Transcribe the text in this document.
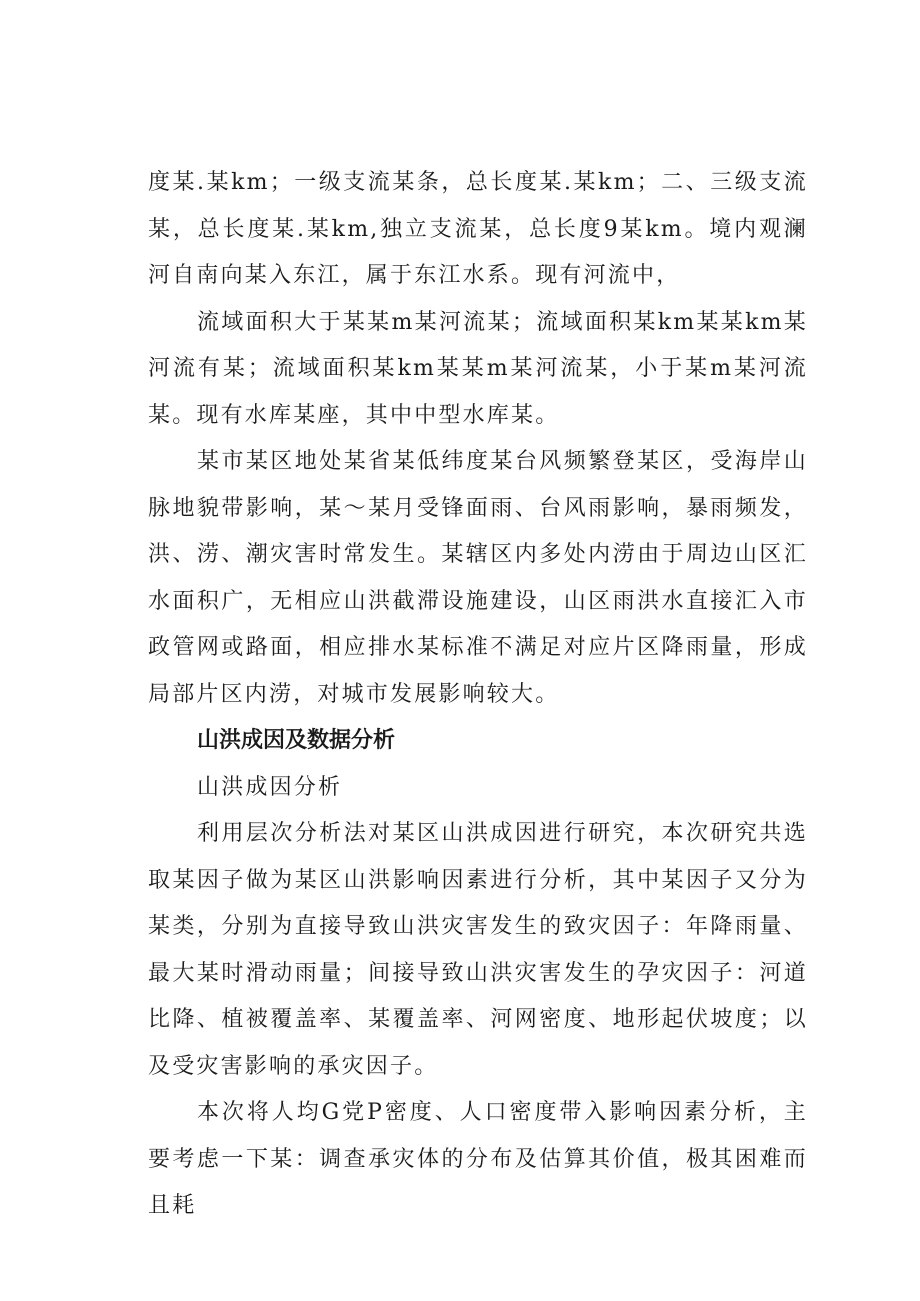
度某.某km；一级支流某条，总长度某.某km；二、三级支流某，总长度某.某km,独立支流某，总长度9某km。境内观澜河自南向某入东江，属于东江水系。现有河流中，

流域面积大于某某m某河流某；流域面积某km某某km某河流有某；流域面积某km某某m某河流某，小于某m某河流某。现有水库某座，其中中型水库某。

某市某区地处某省某低纬度某台风频繁登某区，受海岸山脉地貌带影响，某～某月受锋面雨、台风雨影响，暴雨频发，洪、涝、潮灾害时常发生。某辖区内多处内涝由于周边山区汇水面积广，无相应山洪截滞设施建设，山区雨洪水直接汇入市政管网或路面，相应排水某标准不满足对应片区降雨量，形成局部片区内涝，对城市发展影响较大。

山洪成因及数据分析

山洪成因分析

利用层次分析法对某区山洪成因进行研究，本次研究共选取某因子做为某区山洪影响因素进行分析，其中某因子又分为某类，分别为直接导致山洪灾害发生的致灾因子：年降雨量、最大某时滑动雨量；间接导致山洪灾害发生的孕灾因子：河道比降、植被覆盖率、某覆盖率、河网密度、地形起伏坡度；以及受灾害影响的承灾因子。

本次将人均G党P密度、人口密度带入影响因素分析，主要考虑一下某：调查承灾体的分布及估算其价值，极其困难而且耗
